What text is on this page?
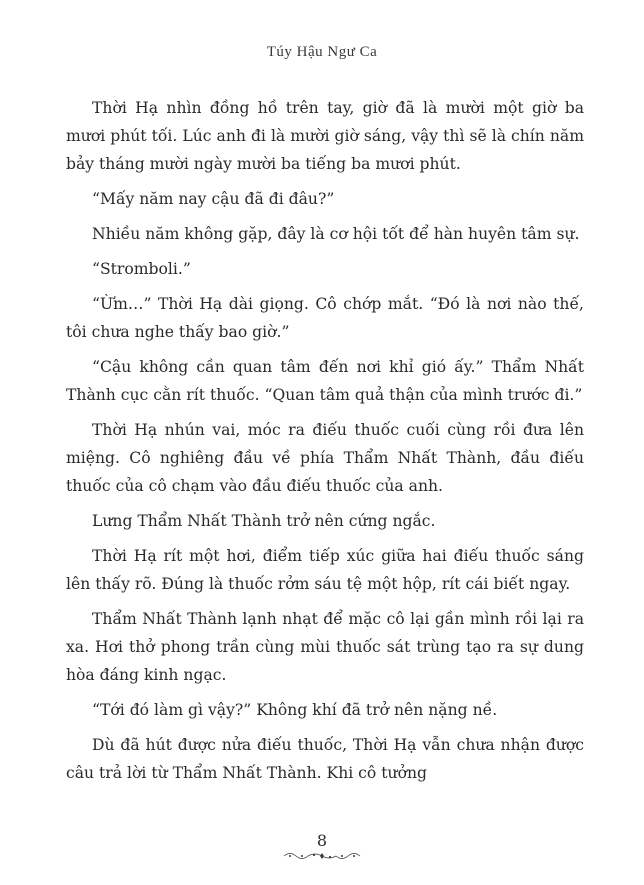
Túy Hậu Ngư Ca

Thời Hạ nhìn đồng hồ trên tay, giờ đã là mười một giờ ba mươi phút tối. Lúc anh đi là mười giờ sáng, vậy thì sẽ là chín năm bảy tháng mười ngày mười ba tiếng ba mươi phút.

“Mấy năm nay cậu đã đi đâu?”

Nhiều năm không gặp, đây là cơ hội tốt để hàn huyên tâm sự.

“Stromboli.”

“Ừm…” Thời Hạ dài giọng. Cô chớp mắt. “Đó là nơi nào thế, tôi chưa nghe thấy bao giờ.”

“Cậu không cần quan tâm đến nơi khỉ gió ấy.” Thẩm Nhất Thành cục cằn rít thuốc. “Quan tâm quả thận của mình trước đi.”

Thời Hạ nhún vai, móc ra điếu thuốc cuối cùng rồi đưa lên miệng. Cô nghiêng đầu về phía Thẩm Nhất Thành, đầu điếu thuốc của cô chạm vào đầu điếu thuốc của anh.

Lưng Thẩm Nhất Thành trở nên cứng ngắc.

Thời Hạ rít một hơi, điểm tiếp xúc giữa hai điếu thuốc sáng lên thấy rõ. Đúng là thuốc rởm sáu tệ một hộp, rít cái biết ngay.

Thẩm Nhất Thành lạnh nhạt để mặc cô lại gần mình rồi lại ra xa. Hơi thở phong trần cùng mùi thuốc sát trùng tạo ra sự dung hòa đáng kinh ngạc.

“Tới đó làm gì vậy?” Không khí đã trở nên nặng nề.

Dù đã hút được nửa điếu thuốc, Thời Hạ vẫn chưa nhận được câu trả lời từ Thẩm Nhất Thành. Khi cô tưởng

8
